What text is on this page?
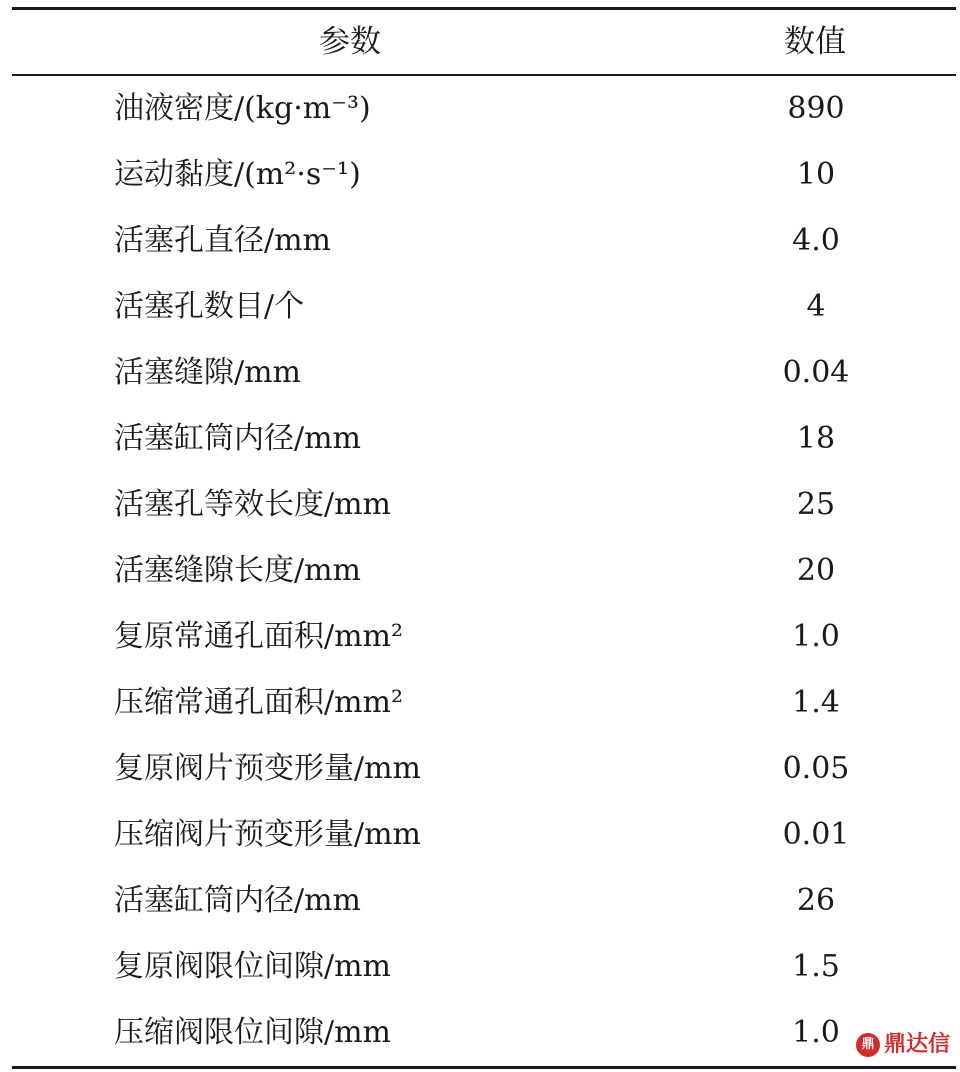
参数	数值
油液密度/(kg·m⁻³)	890
运动黏度/(m²·s⁻¹)	10
活塞孔直径/mm	4.0
活塞孔数目/个	4
活塞缝隙/mm	0.04
活塞缸筒内径/mm	18
活塞孔等效长度/mm	25
活塞缝隙长度/mm	20
复原常通孔面积/mm²	1.0
压缩常通孔面积/mm²	1.4
复原阀片预变形量/mm	0.05
压缩阀片预变形量/mm	0.01
活塞缸筒内径/mm	26
复原阀限位间隙/mm	1.5
压缩阀限位间隙/mm	1.0	鼎 鼎达信
